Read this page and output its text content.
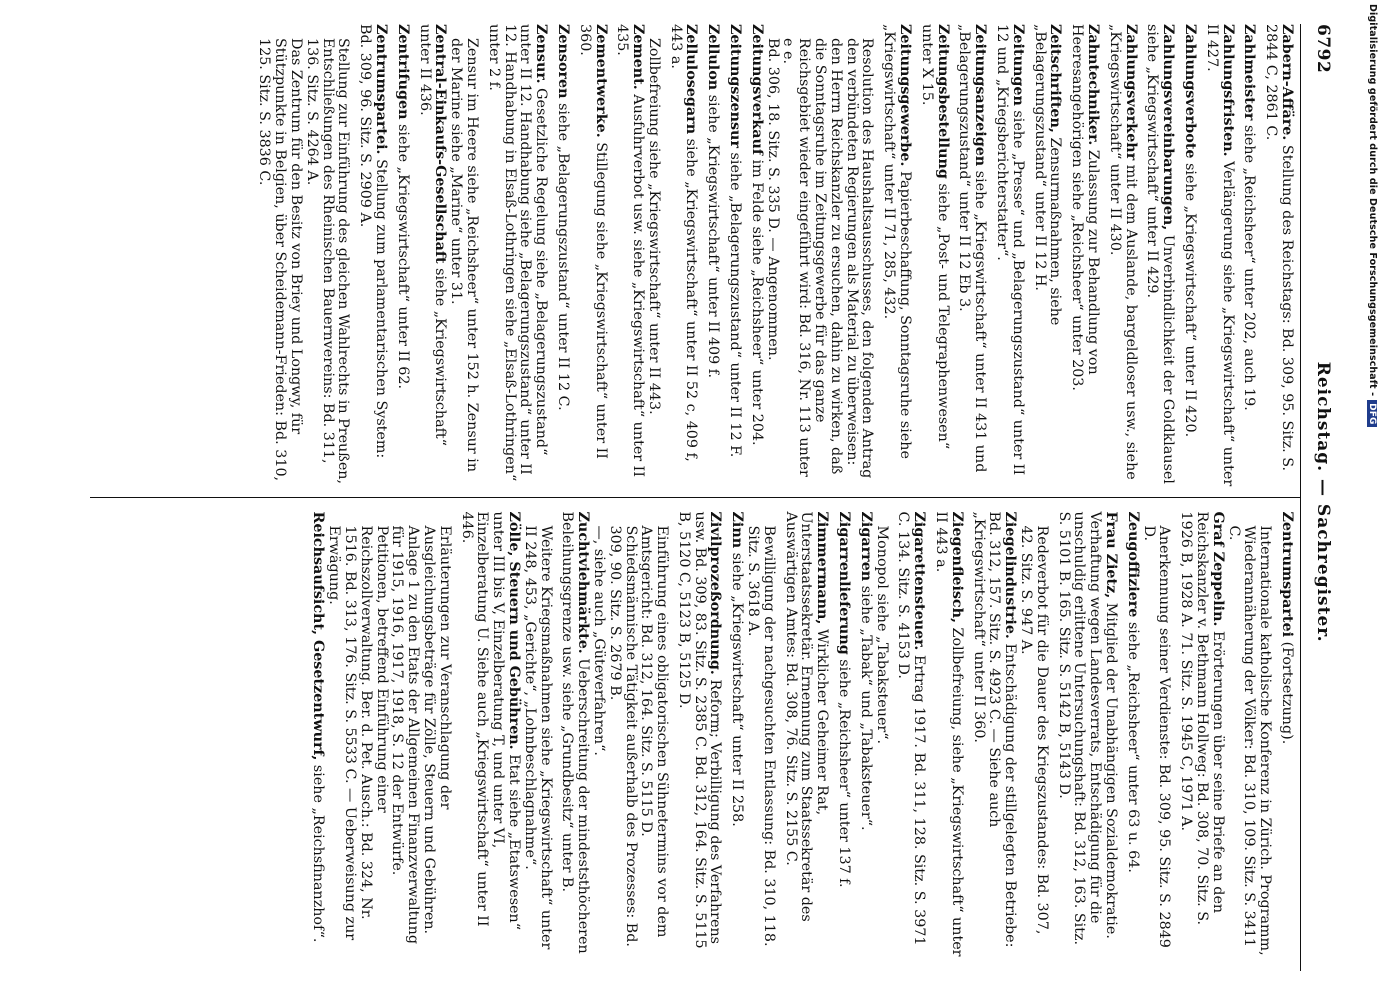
6792
Reichstag. — Sachregister.
Zabern-Affäre. Stellung des Reichstags: Bd. 309, 95. Sitz. S. 2844 C, 2861 C.
Zahlmeister siehe „Reichsheer“ unter 202, auch 19.
Zahlungsfristen. Verlängerung siehe „Kriegswirtschaft“ unter II 427.
Zahlungsverbote siehe „Kriegswirtschaft“ unter II 420.
Zahlungsvereinbarungen, Unverbindlichkeit der Goldklausel siehe „Kriegswirtschaft“ unter II 429.
Zahlungsverkehr mit dem Auslande, bargeldloser usw., siehe „Kriegswirtschaft“ unter II 430.
Zahntechniker. Zulassung zur Behandlung von Heeresangehörigen siehe „Reichsheer“ unter 203.
Zeitschriften, Zensurmaßnahmen, siehe „Belagerungszustand“ unter II 12 H.
Zeitungen siehe „Presse“ und „Belagerungszustand“ unter II 12 und „Kriegsberichterstatter“.
Zeitungsanzeigen siehe „Kriegswirtschaft“ unter II 431 und „Belagerungszustand“ unter II 12 Eb 3.
Zeitungsbestellung siehe „Post- und Telegraphenwesen“ unter X 15.
Zeitungsgewerbe. Papierbeschaffung, Sonntagsruhe siehe „Kriegswirtschaft“ unter II 71, 285, 432.
Resolution des Haushaltsausschusses, den folgenden Antrag den verbündeten Regierungen als Material zu überweisen: den Herrn Reichskanzler zu ersuchen, dahin zu wirken, daß die Sonntagsruhe im Zeitungsgewerbe für das ganze Reichsgebiet wieder eingeführt wird: Bd. 316, Nr. 113 unter e e.
Bd. 306, 18. Sitz. S. 335 D. — Angenommen.
Zeitungsverkauf im Felde siehe „Reichsheer“ unter 204.
Zeitungszensur siehe „Belagerungszustand“ unter II 12 F.
Zellulon siehe „Kriegswirtschaft“ unter II 409 f.
Zellulosegarn siehe „Kriegswirtschaft“ unter II 52 c, 409 f, 443 a.
Zollbefreiung siehe „Kriegswirtschaft“ unter II 443.
Zement. Ausfuhrverbot usw. siehe „Kriegswirtschaft“ unter II 435.
Zementwerke. Stillegung siehe „Kriegswirtschaft“ unter II 360.
Zensoren siehe „Belagerungszustand“ unter II 12 C.
Zensur. Gesetzliche Regelung siehe „Belagerungszustand“ unter II 12. Handhabung siehe „Belagerungszustand“ unter II 12. Handhabung in Elsaß-Lothringen siehe „Elsaß-Lothringen“ unter 2 f.
Zensur im Heere siehe „Reichsheer“ unter 152 h. Zensur in der Marine siehe „Marine“ unter 31.
Zentral-Einkaufs-Gesellschaft siehe „Kriegswirtschaft“ unter II 436.
Zentrifugen siehe „Kriegswirtschaft“ unter II 62.
Zentrumspartei. Stellung zum parlamentarischen System: Bd. 309, 96. Sitz. S. 2909 A.
Stellung zur Einführung des gleichen Wahlrechts in Preußen, Entschließungen des Rheinischen Bauernvereins: Bd. 311, 136. Sitz. S. 4264 A.
Das Zentrum für den Besitz von Briey und Longwy, für Stützpunkte in Belgien, über Scheidemann-Frieden: Bd. 310, 125. Sitz. S. 3836 C.
Zentrumspartei (Fortsetzung).
Internationale katholische Konferenz in Zürich. Programm, Wiederannäherung der Völker: Bd. 310, 109. Sitz. S. 3411 C.
Graf Zeppelin. Erörterungen über seine Briefe an den Reichskanzler v. Bethmann Hollweg: Bd. 308, 70. Sitz. S. 1926 B, 1928 A. 71. Sitz. S. 1945 C, 1971 A.
Anerkennung seiner Verdienste: Bd. 309, 95. Sitz. S. 2849 D.
Zeugoffiziere siehe „Reichsheer“ unter 63 u. 64.
Frau Zietz, Mitglied der Unabhängigen Sozialdemokratie. Verhaftung wegen Landesverrats, Entschädigung für die unschuldig erlittene Untersuchungshaft: Bd. 312, 163. Sitz. S. 5101 B. 165. Sitz. S. 5142 B, 5143 D.
Redeverbot für die Dauer des Kriegszustandes: Bd. 307, 42. Sitz. S. 947 A.
Ziegelindustrie. Entschädigung der stillgelegten Betriebe: Bd. 312, 157. Sitz. S. 4923 C. — Siehe auch „Kriegswirtschaft“ unter II 360.
Ziegenfleisch, Zollbefreiung, siehe „Kriegswirtschaft“ unter II 443 a.
Zigarettensteuer. Ertrag 1917. Bd. 311, 128. Sitz. S. 3971 C. 134. Sitz. S. 4153 D.
Monopol siehe „Tabaksteuer“.
Zigarren siehe „Tabak“ und „Tabaksteuer“.
Zigarrenlieferung siehe „Reichsheer“ unter 137 f.
Zimmermann, Wirklicher Geheimer Rat, Unterstaatssekretär. Ernennung zum Staatssekretär des Auswärtigen Amtes: Bd. 308, 76. Sitz. S. 2155 C.
Bewilligung der nachgesuchten Entlassung: Bd. 310, 118. Sitz. S. 3618 A.
Zinn siehe „Kriegswirtschaft“ unter II 258.
Zivilprozeßordnung. Reform; Verbilligung des Verfahrens usw. Bd. 309, 83. Sitz. S. 2385 C. Bd. 312, 164. Sitz. S. 5115 B, 5120 C, 5123 B, 5125 D.
Einführung eines obligatorischen Sühnetermins vor dem Amtsgericht: Bd. 312, 164. Sitz. S. 5115 D.
Schiedsmännische Tätigkeit außerhalb des Prozesses: Bd. 309, 90. Sitz. S. 2679 B.
—, siehe auch „Güteverfahren“.
Zuchtviehmärkte. Ueberschreitung der mindeststhöcheren Beleihungsgrenze usw. siehe „Grundbesitz“ unter B.
Weitere Kriegsmaßnahmen siehe „Kriegswirtschaft“ unter II 248, 453, „Gerichte“, „Lohnbeschlagnahme“.
Zölle, Steuern und Gebühren. Etat siehe „Etatswesen“ unter III bis V, Einzelberatung T, und unter VI, Einzelberatung U. Siehe auch „Kriegswirtschaft“ unter II 446.
Erläuterungen zur Veranschlagung der Ausgleichungsbeträge für Zölle, Steuern und Gebühren. Anlage 1 zu den Etats der Allgemeinen Finanzverwaltung für 1915, 1916, 1917, 1918, S. 12 der Entwürfe.
Petitionen, betreffend Einführung einer Reichszollverwaltung. Ber. d. Pet. Ausch.: Bd. 324, Nr. 1516. Bd. 313, 176. Sitz. S. 5533 C. — Ueberweisung zur Erwägung.
Reichsaufsicht, Gesetzentwurf, siehe „Reichsfinanzhof“.
Digitalisierung gefördert durch die Deutsche Forschungsgemeinschaft -DFG
